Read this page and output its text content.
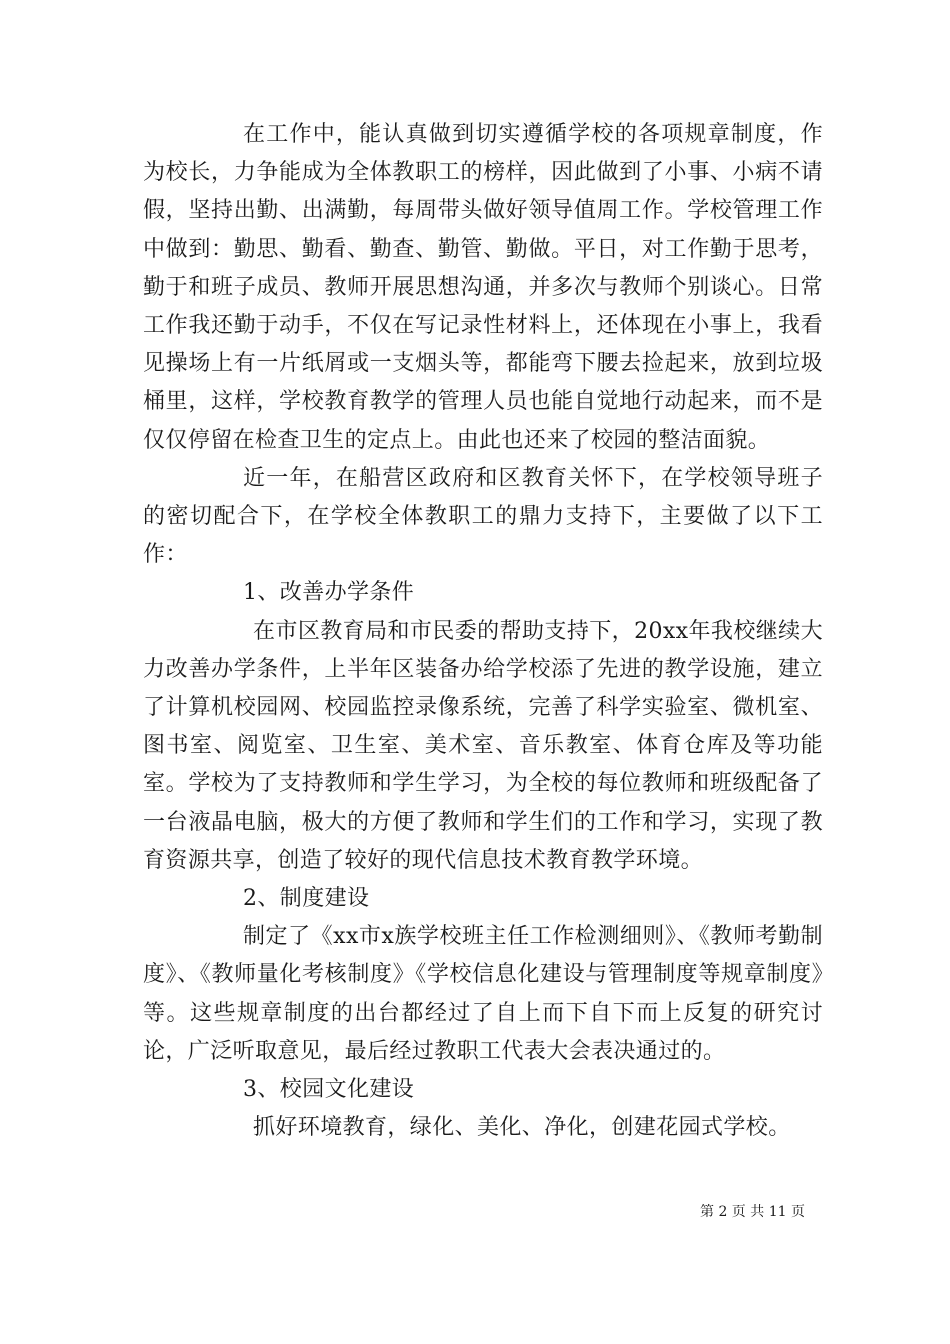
在工作中，能认真做到切实遵循学校的各项规章制度，作为校长，力争能成为全体教职工的榜样，因此做到了小事、小病不请假，坚持出勤、出满勤，每周带头做好领导值周工作。学校管理工作中做到：勤思、勤看、勤查、勤管、勤做。平日，对工作勤于思考，勤于和班子成员、教师开展思想沟通，并多次与教师个别谈心。日常工作我还勤于动手，不仅在写记录性材料上，还体现在小事上，我看见操场上有一片纸屑或一支烟头等，都能弯下腰去捡起来，放到垃圾桶里，这样，学校教育教学的管理人员也能自觉地行动起来，而不是仅仅停留在检查卫生的定点上。由此也还来了校园的整洁面貌。

近一年，在船营区政府和区教育关怀下，在学校领导班子的密切配合下，在学校全体教职工的鼎力支持下，主要做了以下工作：

1、改善办学条件

在市区教育局和市民委的帮助支持下，20xx年我校继续大力改善办学条件，上半年区装备办给学校添了先进的教学设施，建立了计算机校园网、校园监控录像系统，完善了科学实验室、微机室、图书室、阅览室、卫生室、美术室、音乐教室、体育仓库及等功能室。学校为了支持教师和学生学习，为全校的每位教师和班级配备了一台液晶电脑，极大的方便了教师和学生们的工作和学习，实现了教育资源共享，创造了较好的现代信息技术教育教学环境。

2、制度建设

制定了《xx市x族学校班主任工作检测细则》、《教师考勤制度》、《教师量化考核制度》《学校信息化建设与管理制度等规章制度》等。这些规章制度的出台都经过了自上而下自下而上反复的研究讨论，广泛听取意见，最后经过教职工代表大会表决通过的。

3、校园文化建设

抓好环境教育，绿化、美化、净化，创建花园式学校。

第 2 页 共 11 页
